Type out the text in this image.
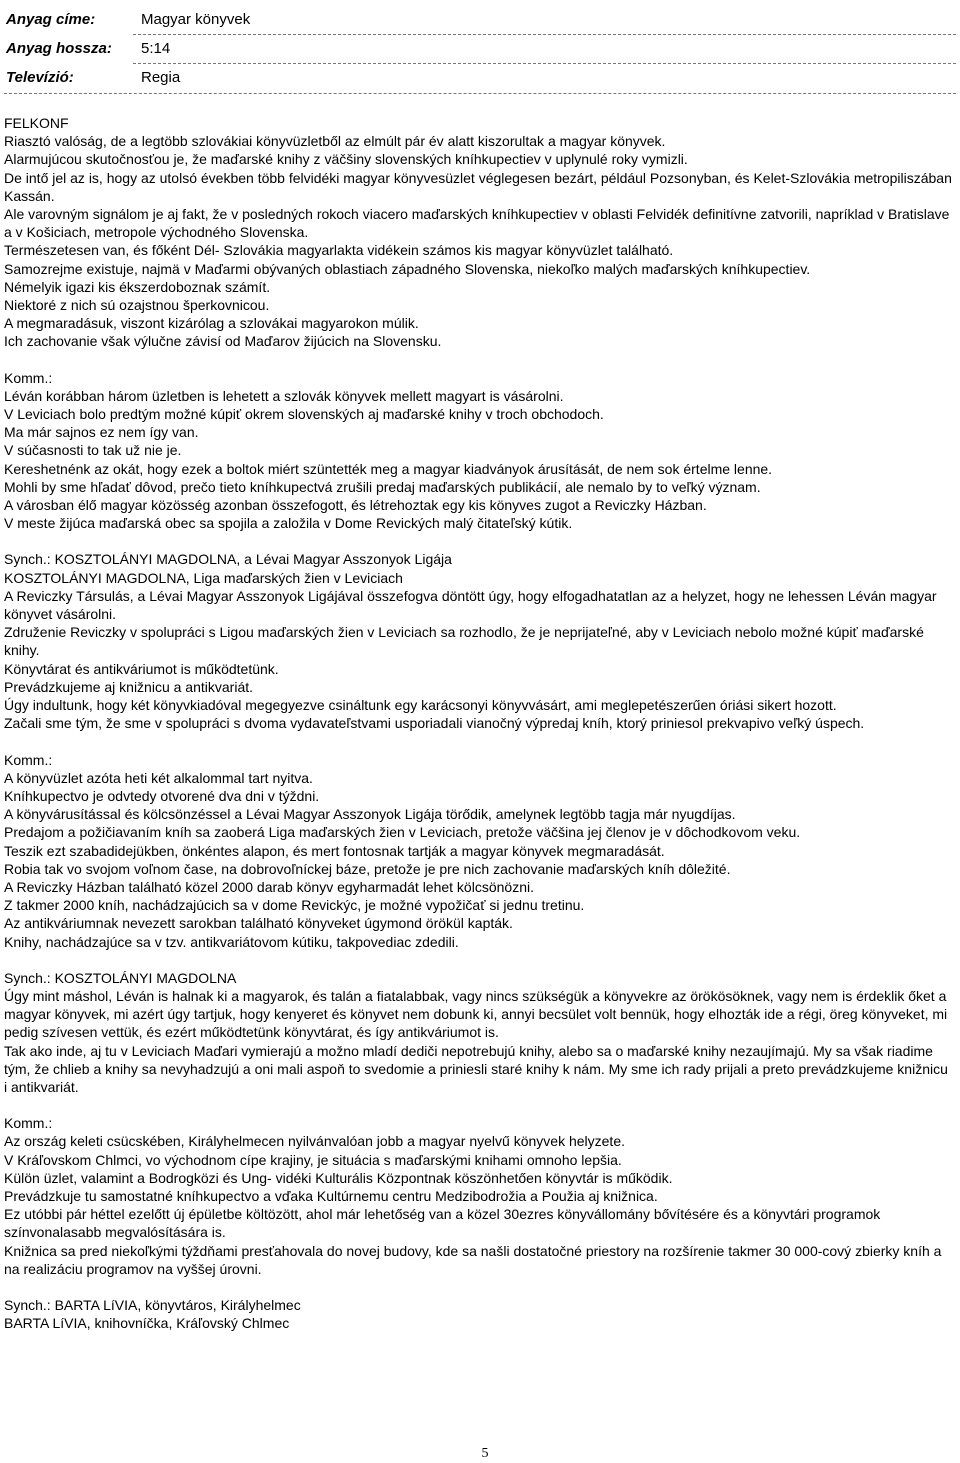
Anyag címe:	Magyar könyvek
Anyag hossza: 5:14
Televízió:	Regia

FELKONF

Riasztó valóság, de a legtöbb szlovákiai könyvüzletből az elmúlt pár év alatt kiszorultak a magyar könyvek.

Alarmujúcou skutočnosťou je, že maďarské knihy z väčšiny slovenských kníhkupectiev v uplynulé roky vymizli.

De intő jel az is, hogy az utolsó években több felvidéki magyar könyvesüzlet véglegesen bezárt, például Pozsonyban, és Kelet-Szlovákia metropiliszában Kassán.

Ale varovným signálom je aj fakt, že v posledných rokoch viacero maďarských kníhkupectiev v oblasti Felvidék definitívne zatvorili, napríklad v Bratislave a v Košiciach, metropole východného Slovenska.

Természetesen van, és főként Dél- Szlovákia magyarlakta vidékein számos kis magyar könyvüzlet található.

Samozrejme existuje, najmä v Maďarmi obývaných oblastiach západného Slovenska, niekoľko malých maďarských kníhkupectiev.

Némelyik igazi kis ékszerdoboznak számít.

Niektoré z nich sú ozajstnou šperkovnicou.

A megmaradásuk, viszont kizárólag a szlovákai magyarokon múlik.

Ich zachovanie však výlučne závisí od Maďarov žijúcich na Slovensku.

Komm.:

Léván korábban három üzletben is lehetett a szlovák könyvek mellett magyart is vásárolni.

V Leviciach bolo predtým možné kúpiť okrem slovenských aj maďarské knihy v troch obchodoch.

Ma már sajnos ez nem így van.

V súčasnosti to tak už nie je.

Kereshetnénk az okát, hogy ezek a boltok miért szüntették meg a magyar kiadványok árusítását, de nem sok értelme lenne.

Mohli by sme hľadať dôvod, prečo tieto kníhkupectvá zrušili predaj maďarských publikácií, ale nemalo by to veľký význam.

A városban élő magyar közösség azonban összefogott, és létrehoztak egy kis könyves zugot a Reviczky Házban.

V meste žijúca maďarská obec sa spojila a založila v Dome Revických malý čitateľský kútik.

Synch.: KOSZTOLÁNYI MAGDOLNA, a Lévai Magyar Asszonyok Ligája

KOSZTOLÁNYI MAGDOLNA, Liga maďarských žien v Leviciach

A Reviczky Társulás, a Lévai Magyar Asszonyok Ligájával összefogva döntött úgy, hogy elfogadhatatlan az a helyzet, hogy ne lehessen Léván magyar könyvet vásárolni.

Združenie Reviczky v spolupráci s Ligou maďarských žien v Leviciach sa rozhodlo, že je neprijateľné, aby v Leviciach nebolo možné kúpiť maďarské knihy.

Könyvtárat és antikváriumot is működtetünk.

Prevádzkujeme aj knižnicu a antikvariát.

Úgy indultunk, hogy két könyvkiadóval megegyezve csináltunk egy karácsonyi könyvvásárt, ami meglepetészerűen óriási sikert hozott.

Začali sme tým, že sme v spolupráci s dvoma vydavateľstvami usporiadali vianočný výpredaj kníh, ktorý priniesol prekvapivo veľký úspech.

Komm.:

A könyvüzlet azóta heti két alkalommal tart nyitva.

Kníhkupectvo je odvtedy otvorené dva dni v týždni.

A könyvárusítással és kölcsönzéssel a Lévai Magyar Asszonyok Ligája törődik, amelynek legtöbb tagja már nyugdíjas.

Predajom a požičiavaním kníh sa zaoberá Liga maďarských žien v Leviciach, pretože väčšina jej členov je v dôchodkovom veku.

Teszik ezt szabadidejükben, önkéntes alapon, és mert fontosnak tartják a magyar könyvek megmaradását.

Robia tak vo svojom voľnom čase, na dobrovoľníckej báze, pretože je pre nich zachovanie maďarských kníh dôležité.

A Reviczky Házban található közel 2000 darab könyv egyharmadát lehet kölcsönözni.

Z takmer 2000 kníh, nachádzajúcich sa v dome Revickýc, je možné vypožičať si jednu tretinu.

Az antikváriumnak nevezett sarokban található könyveket úgymond örökül kapták.

Knihy, nachádzajúce sa v tzv. antikvariátovom kútiku, takpovediac zdedili.

Synch.: KOSZTOLÁNYI MAGDOLNA

Úgy mint máshol, Léván is halnak ki a magyarok, és talán a fiatalabbak, vagy nincs szükségük a könyvekre az örökösöknek, vagy nem is érdeklik őket a magyar könyvek, mi azért úgy tartjuk, hogy kenyeret és könyvet nem dobunk ki, annyi becsület volt bennük, hogy elhozták ide a régi, öreg könyveket, mi pedig szívesen vettük, és ezért működtetünk könyvtárat, és így antikváriumot is.

Tak ako inde, aj tu v Leviciach Maďari vymierajú a možno mladí dediči nepotrebujú knihy, alebo sa o maďarské knihy nezaujímajú. My sa však riadime tým, že chlieb a knihy sa nevyhadzujú a oni mali aspoň to svedomie a priniesli staré knihy k nám. My sme ich rady prijali a preto prevádzkujeme knižnicu i antikvariát.

Komm.:

Az ország keleti csücskében, Királyhelmecen nyilvánvalóan jobb a magyar nyelvű könyvek helyzete.

V Kráľovskom Chlmci, vo východnom cípe krajiny, je situácia s maďarskými knihami omnoho lepšia.

Külön üzlet, valamint a Bodrogközi és Ung- vidéki Kulturális Központnak köszönhetően könyvtár is működik.

Prevádzkuje tu samostatné kníhkupectvo a vďaka Kultúrnemu centru Medzibodrožia a Použia aj knižnica.

Ez utóbbi pár héttel ezelőtt új épületbe költözött, ahol már lehetőség van a közel 30ezres könyvállomány bővítésére és a könyvtári programok színvonalasabb megvalósítására is.

Knižnica sa pred niekoľkými týždňami presťahovala do novej budovy, kde sa našli dostatočné priestory na rozšírenie takmer 30 000-cový zbierky kníh a na realizáciu programov na vyššej úrovni.

Synch.: BARTA LíVIA, könyvtáros, Királyhelmec

BARTA LíVIA, knihovníčka, Kráľovský Chlmec

5
